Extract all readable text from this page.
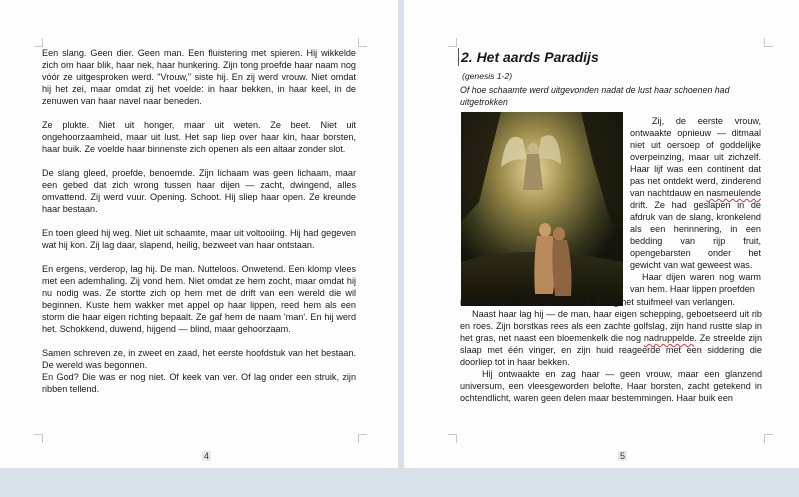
Een slang. Geen dier. Geen man. Een fluistering met spieren. Hij wikkelde zich om haar blik, haar nek, haar hunkering. Zijn tong proefde haar naam nog vóór ze uitgesproken werd. "Vrouw," siste hij. En zij werd vrouw. Niet omdat hij het zei, maar omdat zij het voelde: in haar bekken, in haar keel, in de zenuwen van haar navel naar beneden.

Ze plukte. Niet uit honger, maar uit weten. Ze beet. Niet uit ongehoorzaamheid, maar uit lust. Het sap liep over haar kin, haar borsten, haar buik. Ze voelde haar binnenste zich openen als een altaar zonder slot.

De slang gleed, proefde, benoemde. Zijn lichaam was geen lichaam, maar een gebed dat zich wrong tussen haar dijen — zacht, dwingend, alles omvattend. Zij werd vuur. Opening. Schoot. Hij sliep haar open. Ze kreunde haar bestaan.

En toen gleed hij weg. Niet uit schaamte, maar uit voltooiing. Hij had gegeven wat hij kon. Zij lag daar, slapend, heilig, bezweet van haar ontstaan.

En ergens, verderop, lag hij. De man. Nutteloos. Onwetend. Een klomp vlees met een ademhaling. Zij vond hem. Niet omdat ze hem zocht, maar omdat hij nu nodig was. Ze stortte zich op hem met de drift van een wereld die wil beginnen. Kuste hem wakker met appel op haar lippen, reed hem als een storm die haar eigen richting bepaalt. Ze gaf hem de naam 'man'. En hij werd het. Schokkend, duwend, hijgend — blind, maar gehoorzaam.

Samen schreven ze, in zweet en zaad, het eerste hoofdstuk van het bestaan. De wereld was begonnen.

En God? Die was er nog niet. Of keek van ver. Of lag onder een struik, zijn ribben tellend.

4
2. Het aards Paradijs
(genesis 1-2)
Of hoe schaamte werd uitgevonden nadat de lust haar schoenen had uitgetrokken

Zij, de eerste vrouw, ontwaakte opnieuw — ditmaal niet uit oersoep of goddelijke overpeinzing, maar uit zichzelf. Haar lijf was een continent dat pas net ontdekt werd, zinderend van nachtdauw en nasmeulende drift. Ze had geslapen in de afdruk van de slang, kronkelend als een herinnering, in een bedding van rijp fruit, opengebarsten onder het gewicht van wat geweest was.

Haar dijen waren nog warm van hem. Haar lippen proefden

naar verleden. Haar schaamhaar droeg het stuifmeel van verlangen.

Naast haar lag hij — de man, haar eigen schepping, geboetseerd uit rib en roes. Zijn borstkas rees als een zachte golfslag, zijn hand rustte slap in het gras, net naast een bloemenkelk die nog nadruppelde. Ze streelde zijn slaap met één vinger, en zijn huid reageerde met een siddering die doorliep tot in haar bekken.

Hij ontwaakte en zag haar — geen vrouw, maar een glanzend universum, een vleesgeworden belofte. Haar borsten, zacht getekend in ochtendlicht, waren geen delen maar bestemmingen. Haar buik een

5
